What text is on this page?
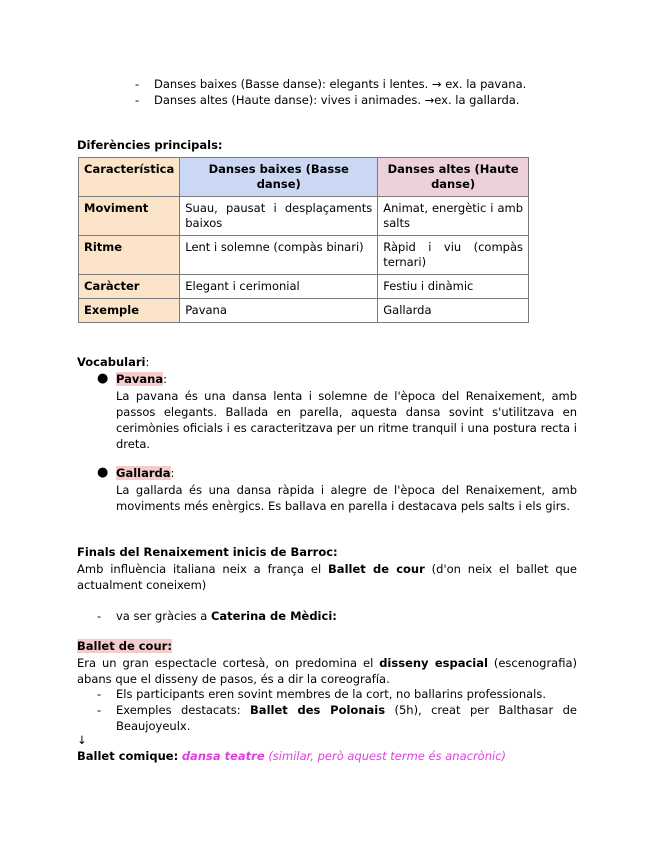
- Danses baixes (Basse danse): elegants i lentes. → ex. la pavana.
- Danses altes (Haute danse): vives i animades. →ex. la gallarda.
Diferències principals:
Característica	Danses baixes (Basse danse)	Danses altes (Haute danse)
Moviment	Suau, pausat i desplaçaments baixos	Animat, energètic i amb salts
Ritme	Lent i solemne (compàs binari)	Ràpid i viu (compàs ternari)
Caràcter	Elegant i cerimonial	Festiu i dinàmic
Exemple	Pavana	Gallarda
Vocabulari:
● Pavana:
La pavana és una dansa lenta i solemne de l'època del Renaixement, amb passos elegants. Ballada en parella, aquesta dansa sovint s'utilitzava en cerimònies oficials i es caracteritzava per un ritme tranquil i una postura recta i dreta.
● Gallarda:
La gallarda és una dansa ràpida i alegre de l'època del Renaixement, amb moviments més enèrgics. Es ballava en parella i destacava pels salts i els girs.
Finals del Renaixement inicis de Barroc:
Amb influència italiana neix a frança el Ballet de cour (d'on neix el ballet que actualment coneixem)
- va ser gràcies a Caterina de Mèdici:
Ballet de cour:
Era un gran espectacle cortesà, on predomina el disseny espacial (escenografia) abans que el disseny de pasos, és a dir la coreografía.
- Els participants eren sovint membres de la cort, no ballarins professionals.
- Exemples destacats: Ballet des Polonais (5h), creat per Balthasar de Beaujoyeulx.
↓
Ballet comique: dansa teatre (similar, però aquest terme és anacrònic)
